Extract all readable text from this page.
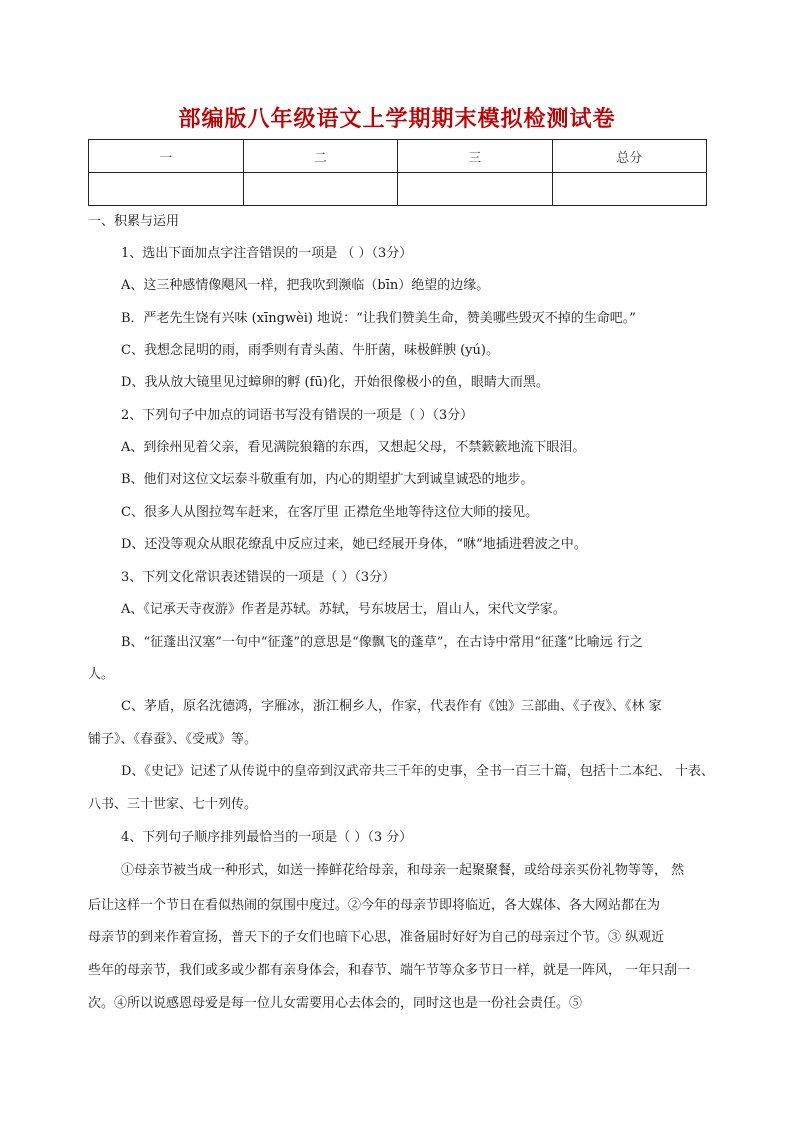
部编版八年级语文上学期期末模拟检测试卷
一	二	三	总分

一、积累与运用
1、选出下面加点字注音错误的一项是 （ ）（3分）
A、这三种感情像飓风一样，把我吹到濒临（bīn）绝望的边缘。
B．严老先生饶有兴味 (xīngwèi) 地说：“让我们赞美生命，赞美哪些毁灭不掉的生命吧。”
C、我想念昆明的雨，雨季则有青头菌、牛肝菌，味极鲜腴 (yú)。
D、我从放大镜里见过蟑卵的孵 (fū)化，开始很像极小的鱼，眼睛大而黑。
2、下列句子中加点的词语书写没有错误的一项是（ ）（3分）
A、到徐州见着父亲，看见满院狼籍的东西，又想起父母，不禁簌簌地流下眼泪。
B、他们对这位文坛泰斗敬重有加，内心的期望扩大到诚皇诚恐的地步。
C、很多人从图拉驾车赶来，在客厅里 正襟危坐地等待这位大师的接见。
D、还没等观众从眼花缭乱中反应过来，她已经展开身体，“咻”地插进碧波之中。
3、下列文化常识表述错误的一项是（ ）（3分）
A、《记承天寺夜游》作者是苏轼。苏轼，号东坡居士，眉山人，宋代文学家。
B、“征蓬出汉塞”一句中“征蓬”的意思是“像飘飞的蓬草”，在古诗中常用“征蓬”比喻远 行之
人。
C、茅盾，原名沈德鸿，字雁冰，浙江桐乡人，作家，代表作有《蚀》三部曲、《子夜》、《林 家
铺子》、《春蚕》、《受戒》等。
D、《史记》记述了从传说中的皇帝到汉武帝共三千年的史事，全书一百三十篇，包括十二本纪、 十表、
八书、三十世家、七十列传。
4、下列句子顺序排列最恰当的一项是（ ）（3 分）
①母亲节被当成一种形式，如送一捧鲜花给母亲，和母亲一起聚聚餐，或给母亲买份礼物等等， 然
后让这样一个节日在看似热闹的氛围中度过。②今年的母亲节即将临近，各大媒体、各大网站都在为
母亲节的到来作着宣扬，普天下的子女们也暗下心思，准备届时好好为自己的母亲过个节。③ 纵观近
些年的母亲节，我们或多或少都有亲身体会，和春节、端午节等众多节日一样，就是一阵风， 一年只刮一
次。④所以说感恩母爱是每一位儿女需要用心去体会的，同时这也是一份社会责任。⑤
